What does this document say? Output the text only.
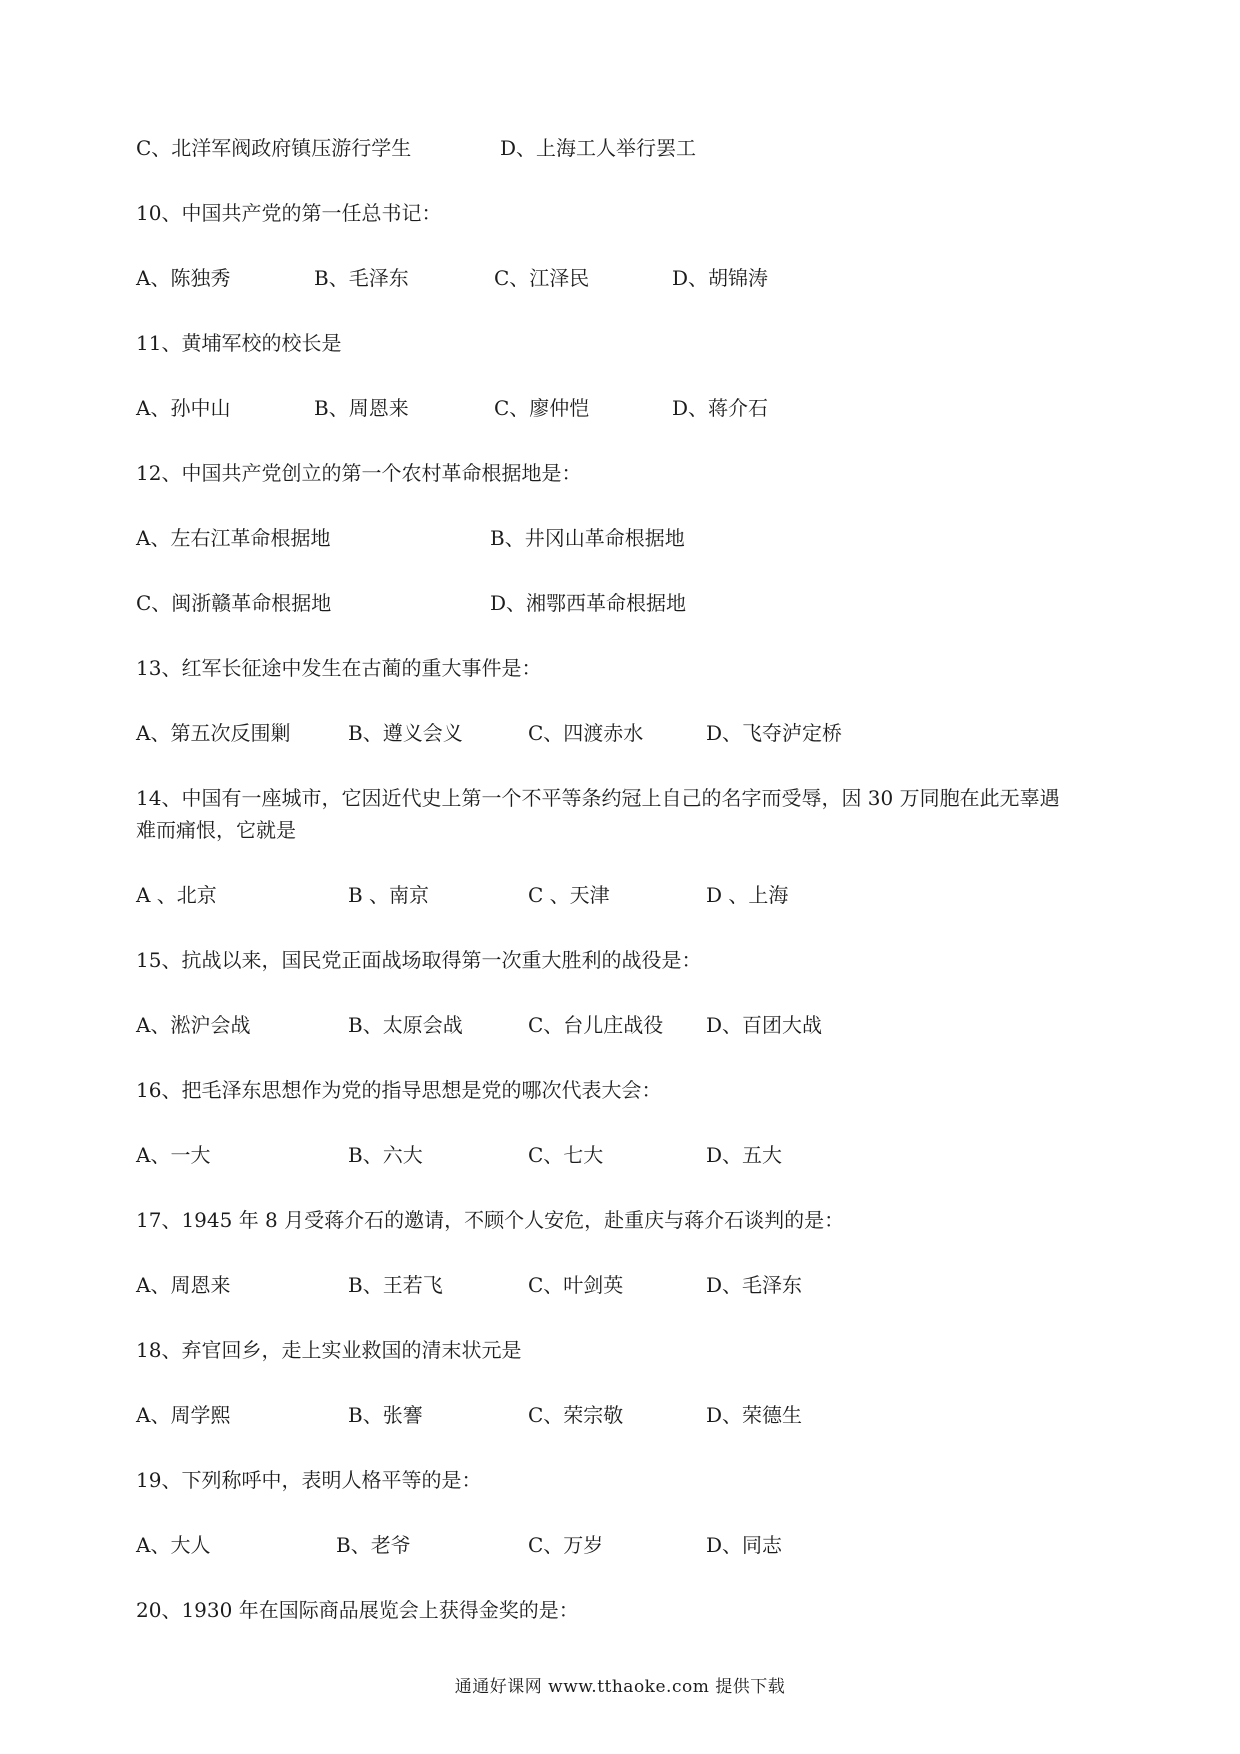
C、北洋军阀政府镇压游行学生	D、上海工人举行罢工
10、中国共产党的第一任总书记：
A、陈独秀	B、毛泽东	C、江泽民	D、胡锦涛
11、黄埔军校的校长是
A、孙中山	B、周恩来	C、廖仲恺	D、蒋介石
12、中国共产党创立的第一个农村革命根据地是：
A、左右江革命根据地	B、井冈山革命根据地
C、闽浙赣革命根据地	D、湘鄂西革命根据地
13、红军长征途中发生在古蔺的重大事件是：
A、第五次反围剿	B、遵义会义	C、四渡赤水	D、飞夺泸定桥
14、中国有一座城市，它因近代史上第一个不平等条约冠上自己的名字而受辱，因 30 万同胞在此无辜遇
难而痛恨，它就是
A 、北京	B 、南京	C 、天津	D 、上海
15、抗战以来，国民党正面战场取得第一次重大胜利的战役是：
A、淞沪会战	B、太原会战	C、台儿庄战役 D、百团大战
16、把毛泽东思想作为党的指导思想是党的哪次代表大会：
A、一大	B、六大	C、七大	D、五大
17、1945 年 8 月受蒋介石的邀请，不顾个人安危，赴重庆与蒋介石谈判的是：
A、周恩来	B、王若飞	C、叶剑英	D、毛泽东
18、弃官回乡，走上实业救国的清末状元是
A、周学熙	B、张謇	C、荣宗敬	D、荣德生
19、下列称呼中，表明人格平等的是：
A、大人	B、老爷	C、万岁	D、同志
20、1930 年在国际商品展览会上获得金奖的是：
通通好课网 www.tthaoke.com 提供下载
